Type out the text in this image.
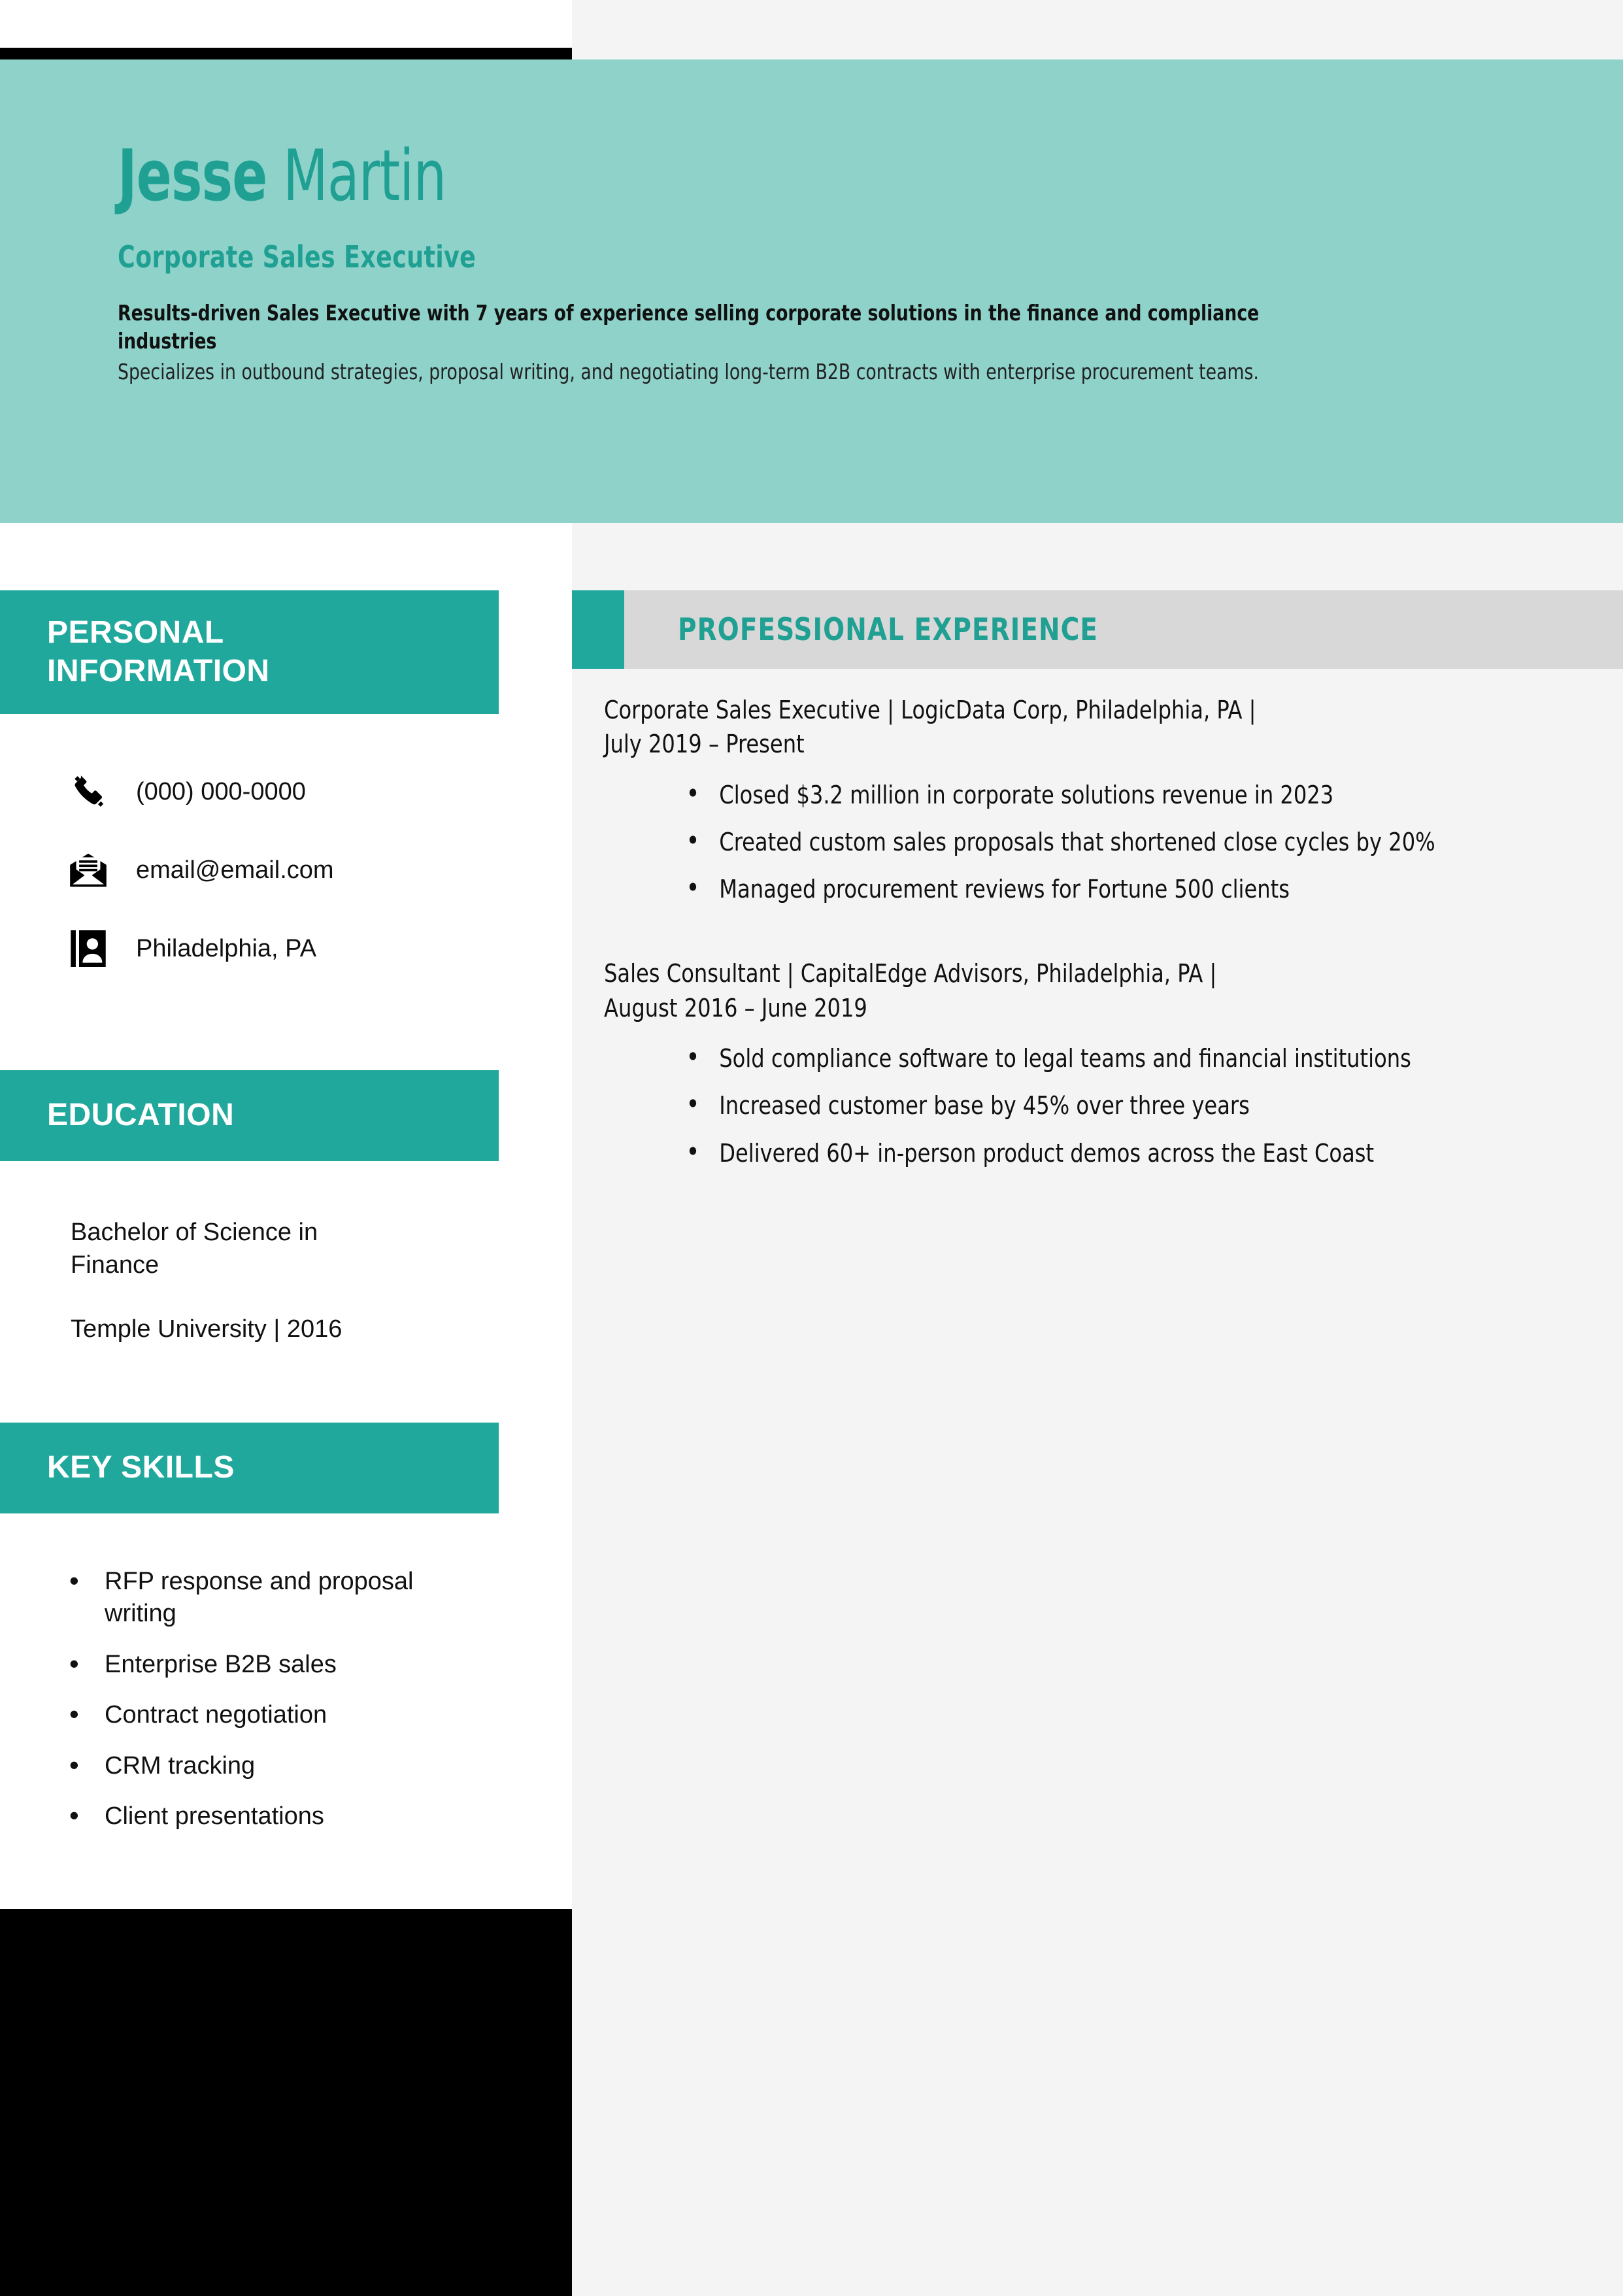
Jesse Martin
Corporate Sales Executive
Results-driven Sales Executive with 7 years of experience selling corporate solutions in the finance and compliance industries
Specializes in outbound strategies, proposal writing, and negotiating long-term B2B contracts with enterprise procurement teams.
PERSONAL
INFORMATION
(000) 000-0000
email@email.com
Philadelphia, PA
EDUCATION
Bachelor of Science in Finance
Temple University | 2016
KEY SKILLS
• RFP response and proposal writing
• Enterprise B2B sales
• Contract negotiation
• CRM tracking
• Client presentations
PROFESSIONAL EXPERIENCE
Corporate Sales Executive | LogicData Corp, Philadelphia, PA |
July 2019 – Present
• Closed $3.2 million in corporate solutions revenue in 2023
• Created custom sales proposals that shortened close cycles by 20%
• Managed procurement reviews for Fortune 500 clients
Sales Consultant | CapitalEdge Advisors, Philadelphia, PA |
August 2016 – June 2019
• Sold compliance software to legal teams and financial institutions
• Increased customer base by 45% over three years
• Delivered 60+ in-person product demos across the East Coast
